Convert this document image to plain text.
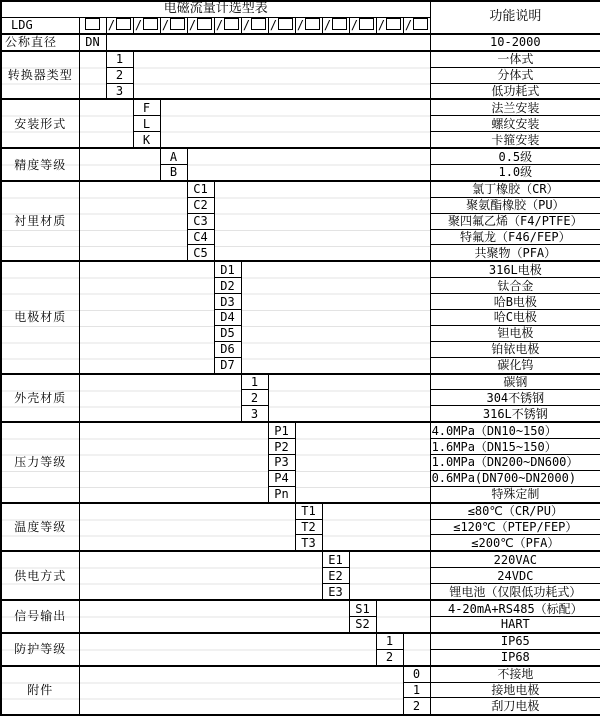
电磁流量计选型表														功能说明
LDG		/	/	/	/	/	/	/	/	/	/	/	/	
公称直径	DN													10-2000
转换器类型		1												一体式
		2												分体式
		3												低功耗式
安装形式			F											法兰安装
			L											螺纹安装
			K											卡箍安装
精度等级				A										0.5级
				B										1.0级
衬里材质					C1									氯丁橡胶（CR）
					C2									聚氨酯橡胶（PU）
					C3									聚四氟乙烯（F4/PTFE）
					C4									特氟龙（F46/FEP）
					C5									共聚物（PFA）
电极材质						D1								316L电极
						D2								钛合金
						D3								哈B电极
						D4								哈C电极
						D5								钽电极
						D6								铂铱电极
						D7								碳化钨
外壳材质							1							碳钢
							2							304不锈钢
							3							316L不锈钢
压力等级								P1						4.0MPa（DN10~150）
								P2						1.6MPa（DN15~150）
								P3						1.0MPa（DN200~DN600）
								P4						0.6MPa(DN700~DN2000)
								Pn						特殊定制
温度等级									T1					≤80℃（CR/PU）
									T2					≤120℃（PTEP/FEP）
									T3					≤200℃（PFA）
供电方式										E1				220VAC
										E2				24VDC
										E3				锂电池（仅限低功耗式）
信号输出											S1			4-20mA+RS485（标配）
											S2			HART
防护等级												1		IP65
												2		IP68
附件													0	不接地
													1	接地电极
													2	刮刀电极
